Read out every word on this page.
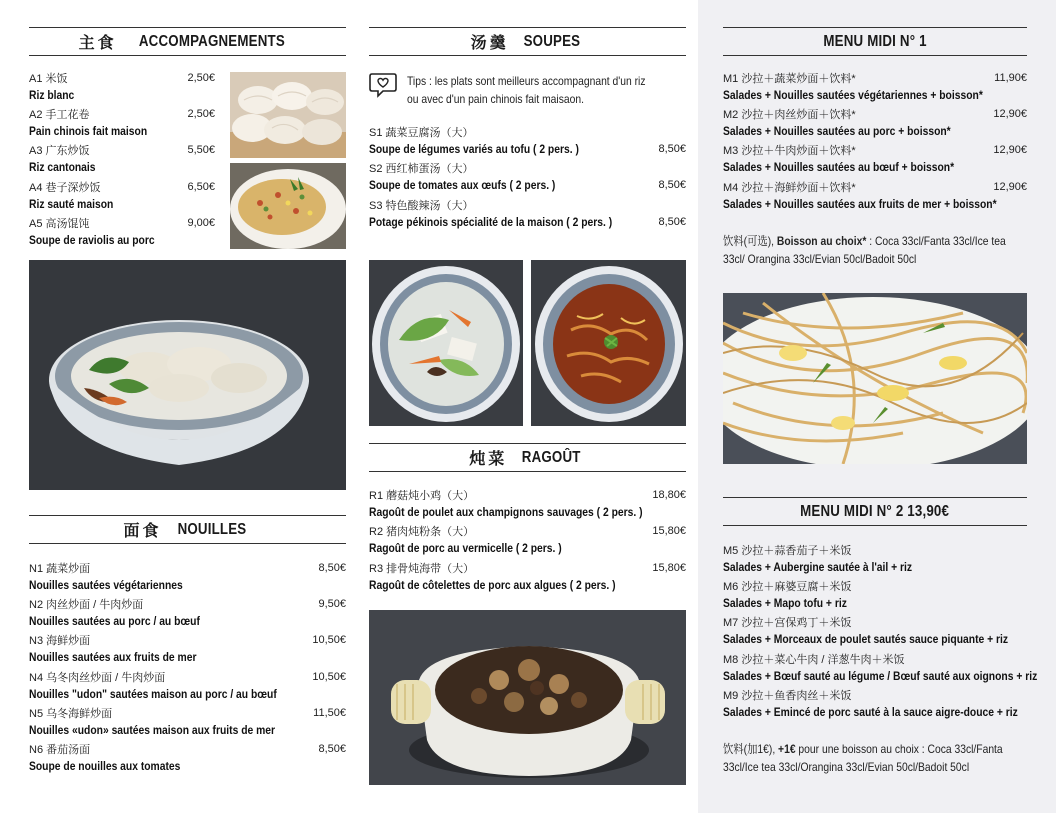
主食 ACCOMPAGNEMENTS
A1 米饭	2,50€
Riz blanc
A2 手工花卷	2,50€
Pain chinois fait maison
A3 广东炒饭	5,50€
Riz cantonais
A4 巷子深炒饭	6,50€
Riz sauté maison
A5 高汤馄饨	9,00€
Soupe de raviolis au porc
面食 NOUILLES
N1 蔬菜炒面	8,50€
Nouilles sautées végétariennes
N2 肉丝炒面 / 牛肉炒面	9,50€
Nouilles sautées au porc / au bœuf
N3 海鲜炒面	10,50€
Nouilles sautées aux fruits de mer
N4 乌冬肉丝炒面 / 牛肉炒面	10,50€
Nouilles "udon" sautées maison au porc / au bœuf
N5 乌冬海鲜炒面	11,50€
Nouilles «udon» sautées maison aux fruits de mer
N6 番茄汤面	8,50€
Soupe de nouilles aux tomates
汤羹 SOUPES
Tips : les plats sont meilleurs accompagnant d'un riz ou avec d'un pain chinois fait maisaon.
S1 蔬菜豆腐汤（大）
Soupe de légumes variés au tofu ( 2 pers. )	8,50€
S2 西红柿蛋汤（大）
Soupe de tomates aux œufs ( 2 pers. )	8,50€
S3 特色酸辣汤（大）
Potage pékinois spécialité de la maison ( 2 pers. )	8,50€
炖菜 RAGOÛT
R1 蘑菇炖小鸡（大）	18,80€
Ragoût de poulet aux champignons sauvages ( 2 pers. )
R2 猪肉炖粉条（大）	15,80€
Ragoût de porc au vermicelle ( 2 pers. )
R3 排骨炖海带（大）	15,80€
Ragoût de côtelettes de porc aux algues ( 2 pers. )
MENU MIDI N° 1
M1 沙拉＋蔬菜炒面＋饮料*	11,90€
Salades + Nouilles sautées végétariennes + boisson*
M2 沙拉＋肉丝炒面＋饮料*	12,90€
Salades + Nouilles sautées au porc + boisson*
M3 沙拉＋牛肉炒面＋饮料*	12,90€
Salades + Nouilles sautées au bœuf + boisson*
M4 沙拉＋海鲜炒面＋饮料*	12,90€
Salades + Nouilles sautées aux fruits de mer + boisson*
饮料(可选), Boisson au choix* : Coca 33cl/Fanta 33cl/Ice tea 33cl/ Orangina 33cl/Evian 50cl/Badoit 50cl
MENU MIDI N° 2 13,90€
M5 沙拉＋蒜香茄子＋米饭
Salades + Aubergine sautée à l'ail + riz
M6 沙拉＋麻婆豆腐＋米饭
Salades + Mapo tofu + riz
M7 沙拉＋宫保鸡丁＋米饭
Salades + Morceaux de poulet sautés sauce piquante + riz
M8 沙拉＋菜心牛肉 / 洋葱牛肉＋米饭
Salades + Bœuf sauté au légume / Bœuf sauté aux oignons + riz
M9 沙拉＋鱼香肉丝＋米饭
Salades + Emincé de porc sauté à la sauce aigre-douce + riz
饮料(加1€), +1€ pour une boisson au choix : Coca 33cl/Fanta 33cl/Ice tea 33cl/Orangina 33cl/Evian 50cl/Badoit 50cl
